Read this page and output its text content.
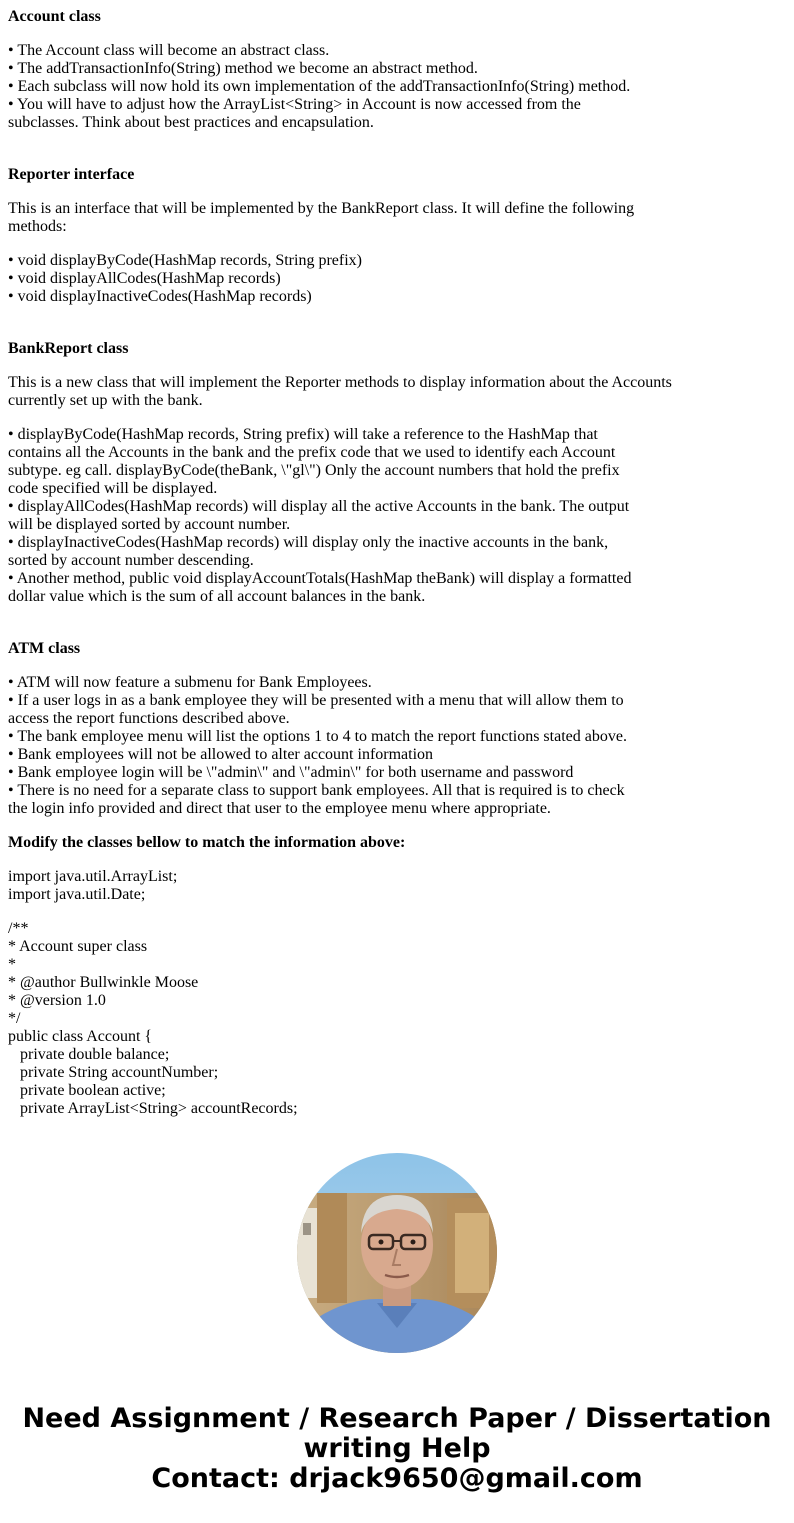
Account class

• The Account class will become an abstract class.
• The addTransactionInfo(String) method we become an abstract method.
• Each subclass will now hold its own implementation of the addTransactionInfo(String) method.
• You will have to adjust how the ArrayList<String> in Account is now accessed from the
subclasses. Think about best practices and encapsulation.

Reporter interface

This is an interface that will be implemented by the BankReport class. It will define the following
methods:
• void displayByCode(HashMap records, String prefix)
• void displayAllCodes(HashMap records)
• void displayInactiveCodes(HashMap records)

BankReport class

This is a new class that will implement the Reporter methods to display information about the Accounts
currently set up with the bank.
• displayByCode(HashMap records, String prefix) will take a reference to the HashMap that
contains all the Accounts in the bank and the prefix code that we used to identify each Account
subtype. eg call. displayByCode(theBank, \"gl\") Only the account numbers that hold the prefix
code specified will be displayed.
• displayAllCodes(HashMap records) will display all the active Accounts in the bank. The output
will be displayed sorted by account number.
• displayInactiveCodes(HashMap records) will display only the inactive accounts in the bank,
sorted by account number descending.
• Another method, public void displayAccountTotals(HashMap theBank) will display a formatted
dollar value which is the sum of all account balances in the bank.

ATM class

• ATM will now feature a submenu for Bank Employees.
• If a user logs in as a bank employee they will be presented with a menu that will allow them to
access the report functions described above.
• The bank employee menu will list the options 1 to 4 to match the report functions stated above.
• Bank employees will not be allowed to alter account information
• Bank employee login will be \"admin\" and \"admin\" for both username and password
• There is no need for a separate class to support bank employees. All that is required is to check
the login info provided and direct that user to the employee menu where appropriate.

Modify the classes bellow to match the information above:

import java.util.ArrayList;
import java.util.Date;
/**
* Account super class
*
* @author Bullwinkle Moose
* @version 1.0
*/
public class Account {
private double balance;
private String accountNumber;
private boolean active;
private ArrayList<String> accountRecords;
Need Assignment / Research Paper / Dissertation
writing Help
Contact: drjack9650@gmail.com
